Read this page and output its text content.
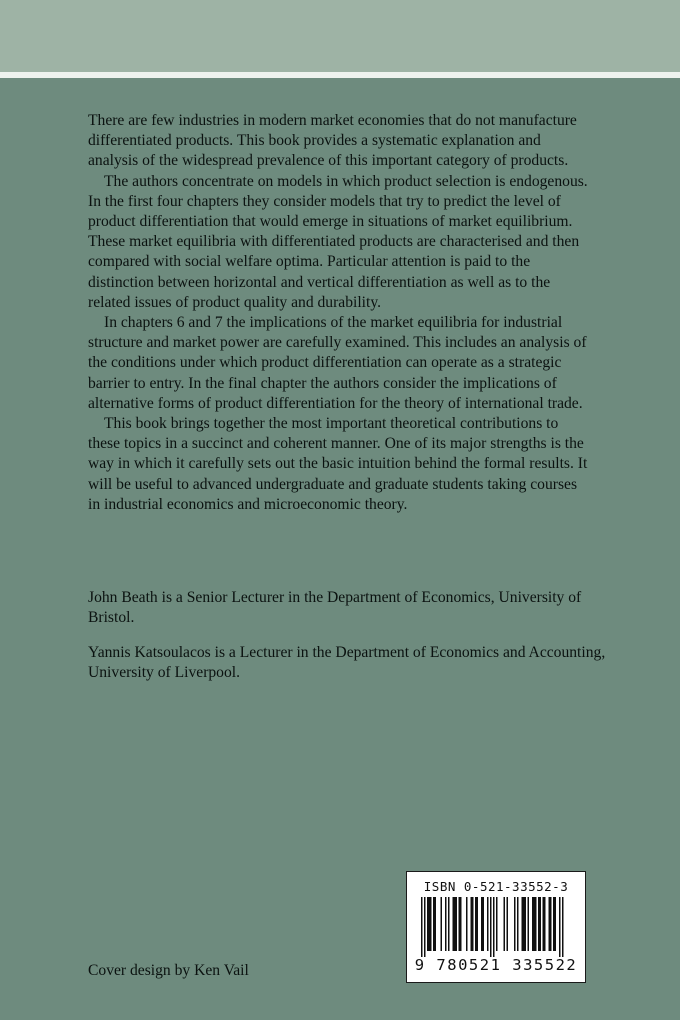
There are few industries in modern market economies that do not manufacture differentiated products. This book provides a systematic explanation and analysis of the widespread prevalence of this important category of products.

The authors concentrate on models in which product selection is endogenous. In the first four chapters they consider models that try to predict the level of product differentiation that would emerge in situations of market equilibrium. These market equilibria with differentiated products are characterised and then compared with social welfare optima. Particular attention is paid to the distinction between horizontal and vertical differentiation as well as to the related issues of product quality and durability.

In chapters 6 and 7 the implications of the market equilibria for industrial structure and market power are carefully examined. This includes an analysis of the conditions under which product differentiation can operate as a strategic barrier to entry. In the final chapter the authors consider the implications of alternative forms of product differentiation for the theory of international trade.

This book brings together the most important theoretical contributions to these topics in a succinct and coherent manner. One of its major strengths is the way in which it carefully sets out the basic intuition behind the formal results. It will be useful to advanced undergraduate and graduate students taking courses in industrial economics and microeconomic theory.

John Beath is a Senior Lecturer in the Department of Economics, University of Bristol.

Yannis Katsoulacos is a Lecturer in the Department of Economics and Accounting, University of Liverpool.

Cover design by Ken Vail

ISBN 0-521-33552-3
9 780521 335522
